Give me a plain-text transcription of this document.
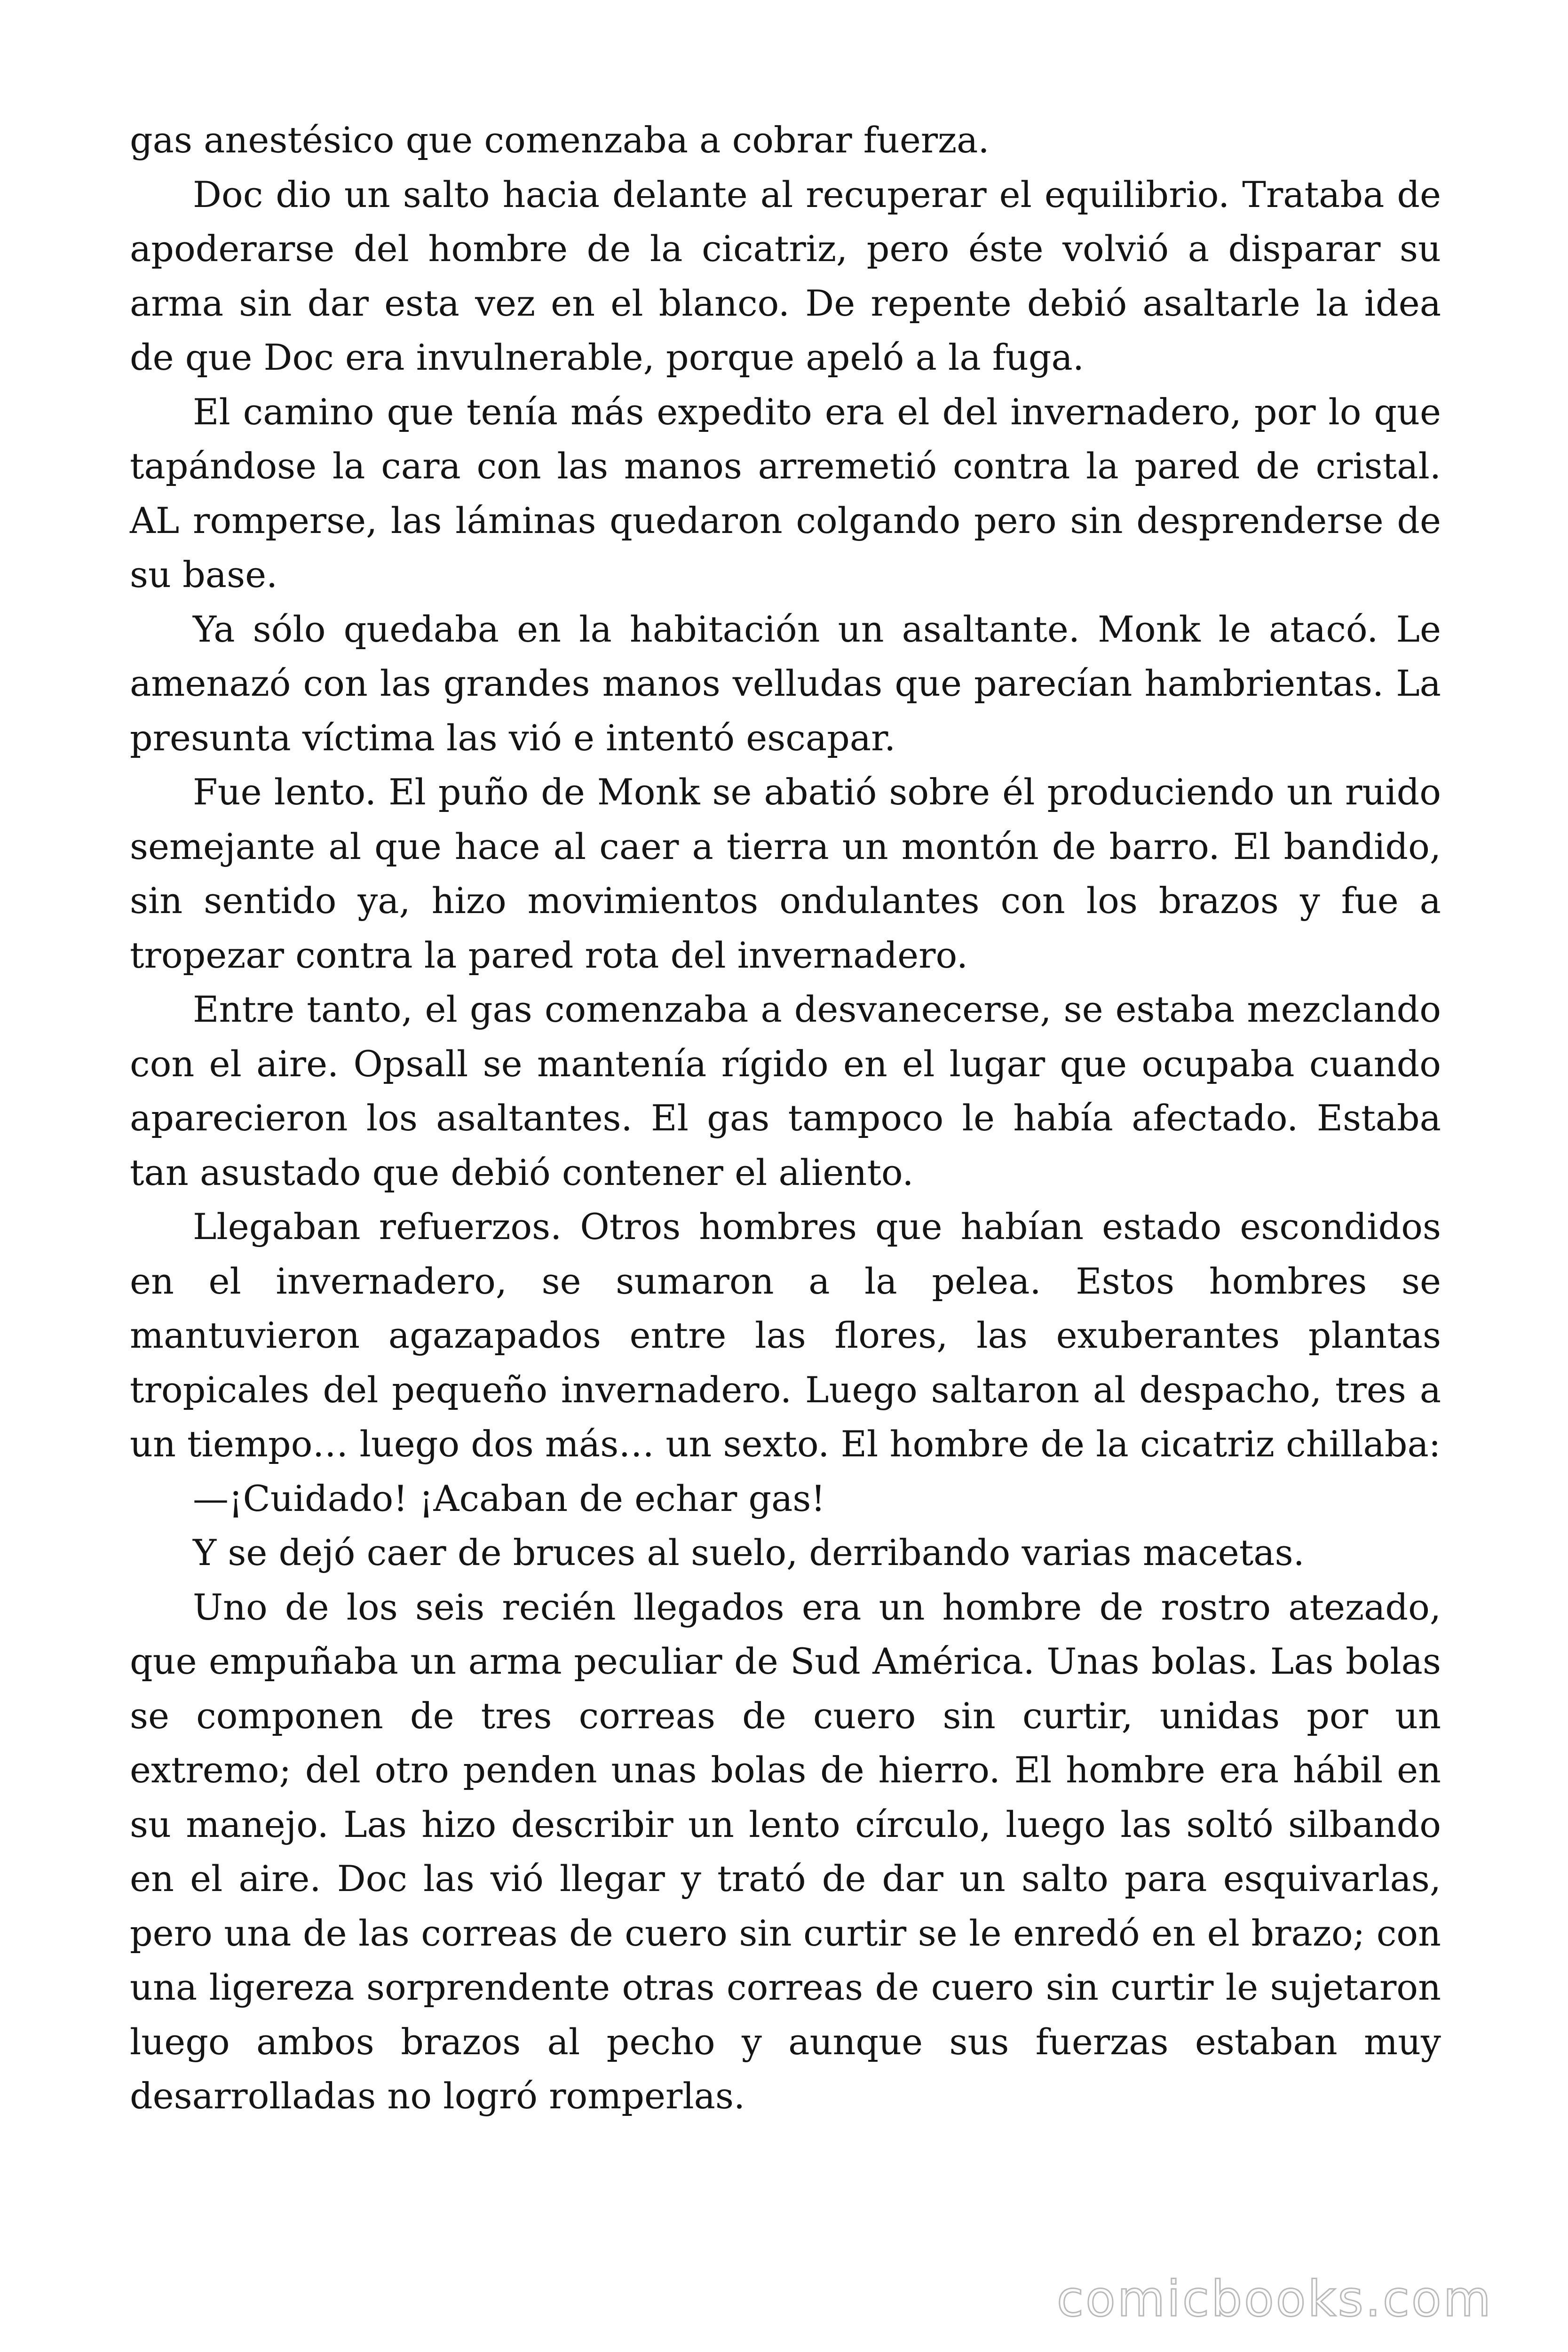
gas anestésico que comenzaba a cobrar fuerza.

Doc dio un salto hacia delante al recuperar el equilibrio. Trataba de apoderarse del hombre de la cicatriz, pero éste volvió a disparar su arma sin dar esta vez en el blanco. De repente debió asaltarle la idea de que Doc era invulnerable, porque apeló a la fuga.

El camino que tenía más expedito era el del invernadero, por lo que tapándose la cara con las manos arremetió contra la pared de cristal. AL romperse, las láminas quedaron colgando pero sin desprenderse de su base.

Ya sólo quedaba en la habitación un asaltante. Monk le atacó. Le amenazó con las grandes manos velludas que parecían hambrientas. La presunta víctima las vió e intentó escapar.

Fue lento. El puño de Monk se abatió sobre él produciendo un ruido semejante al que hace al caer a tierra un montón de barro. El bandido, sin sentido ya, hizo movimientos ondulantes con los brazos y fue a tropezar contra la pared rota del invernadero.

Entre tanto, el gas comenzaba a desvanecerse, se estaba mezclando con el aire. Opsall se mantenía rígido en el lugar que ocupaba cuando aparecieron los asaltantes. El gas tampoco le había afectado. Estaba tan asustado que debió contener el aliento.

Llegaban refuerzos. Otros hombres que habían estado escondidos en el invernadero, se sumaron a la pelea. Estos hombres se mantuvieron agazapados entre las flores, las exuberantes plantas tropicales del pequeño invernadero. Luego saltaron al despacho, tres a un tiempo… luego dos más… un sexto. El hombre de la cicatriz chillaba:

—¡Cuidado! ¡Acaban de echar gas!

Y se dejó caer de bruces al suelo, derribando varias macetas.

Uno de los seis recién llegados era un hombre de rostro atezado, que empuñaba un arma peculiar de Sud América. Unas bolas. Las bolas se componen de tres correas de cuero sin curtir, unidas por un extremo; del otro penden unas bolas de hierro. El hombre era hábil en su manejo. Las hizo describir un lento círculo, luego las soltó silbando en el aire. Doc las vió llegar y trató de dar un salto para esquivarlas, pero una de las correas de cuero sin curtir se le enredó en el brazo; con una ligereza sorprendente otras correas de cuero sin curtir le sujetaron luego ambos brazos al pecho y aunque sus fuerzas estaban muy desarrolladas no logró romperlas.

comicbooks.com
